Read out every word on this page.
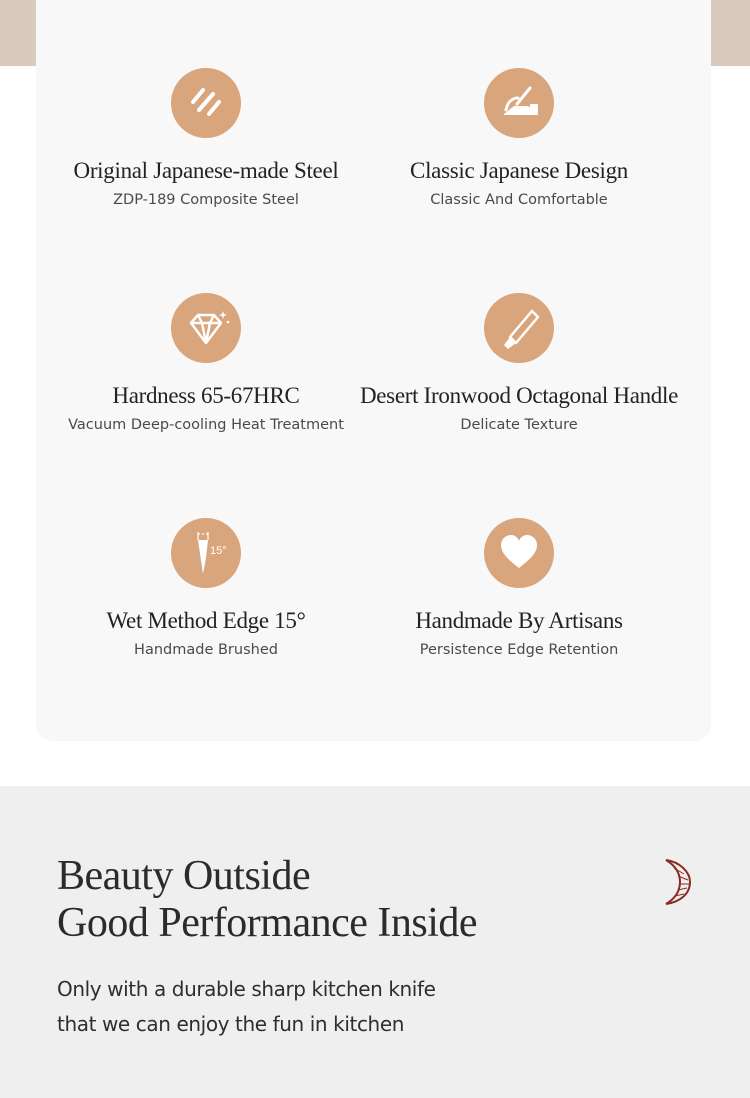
Original Japanese-made Steel
ZDP-189 Composite Steel
Classic Japanese Design
Classic And Comfortable
Hardness 65-67HRC
Vacuum Deep-cooling Heat Treatment
Desert Ironwood Octagonal Handle
Delicate Texture
15°
Wet Method Edge 15°
Handmade Brushed
Handmade By Artisans
Persistence Edge Retention
Beauty Outside
Good Performance Inside
Only with a durable sharp kitchen knife
that we can enjoy the fun in kitchen
